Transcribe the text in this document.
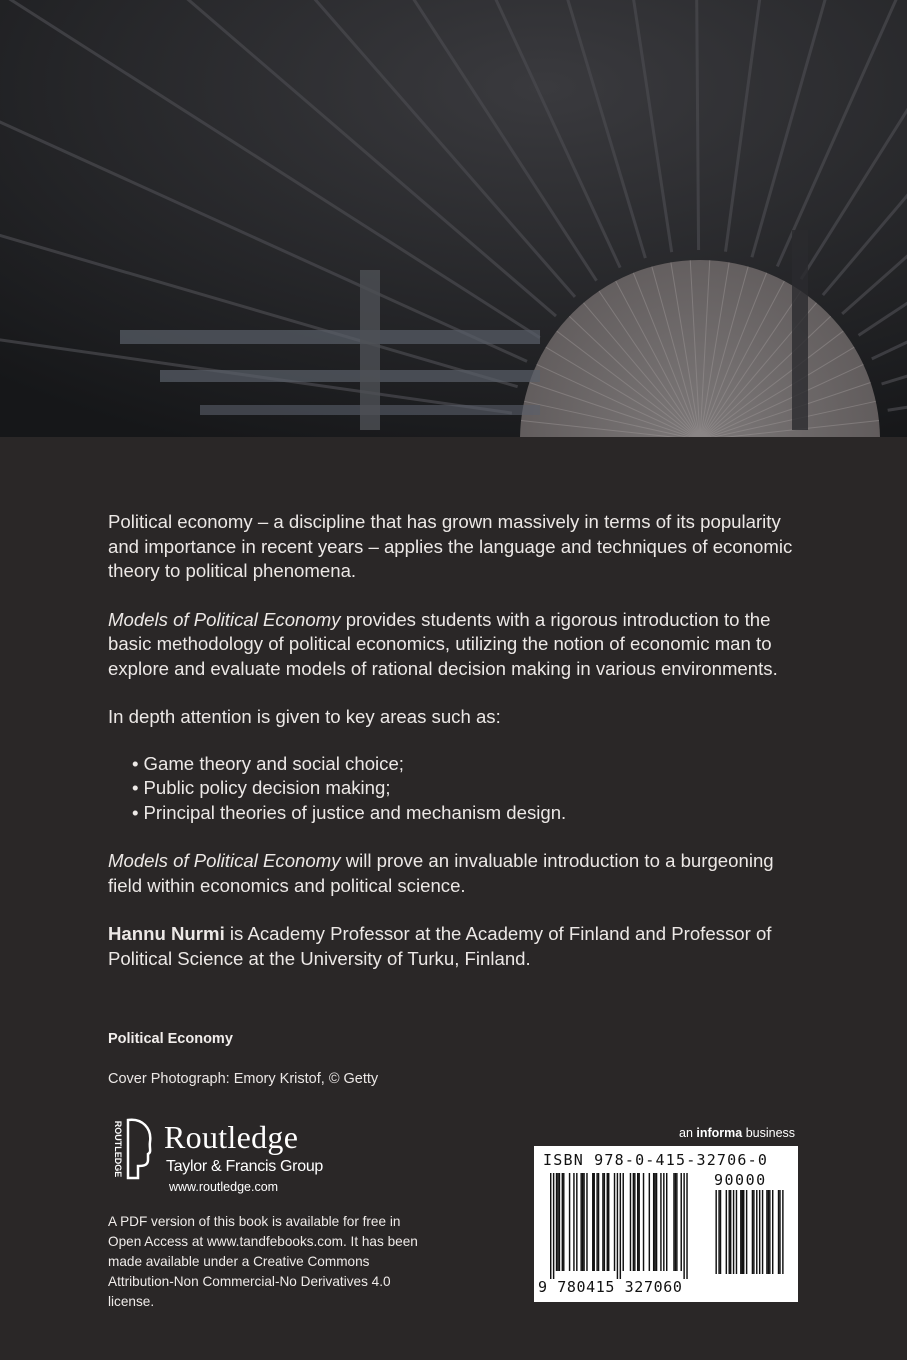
Political economy – a discipline that has grown massively in terms of its popularity and importance in recent years – applies the language and techniques of economic theory to political phenomena.

Models of Political Economy provides students with a rigorous introduction to the basic methodology of political economics, utilizing the notion of economic man to explore and evaluate models of rational decision making in various environments.

In depth attention is given to key areas such as:

• Game theory and social choice;
• Public policy decision making;
• Principal theories of justice and mechanism design.

Models of Political Economy will prove an invaluable introduction to a burgeoning field within economics and political science.

Hannu Nurmi is Academy Professor at the Academy of Finland and Professor of Political Science at the University of Turku, Finland.

Political Economy
Cover Photograph: Emory Kristof, © Getty
ROUTLEDGE Routledge
Taylor & Francis Group
www.routledge.com
A PDF version of this book is available for free in Open Access at www.tandfebooks.com. It has been made available under a Creative Commons Attribution-Non Commercial-No Derivatives 4.0 license.
an informa business
ISBN 978-0-415-32706-0
90000
9 780415 327060
